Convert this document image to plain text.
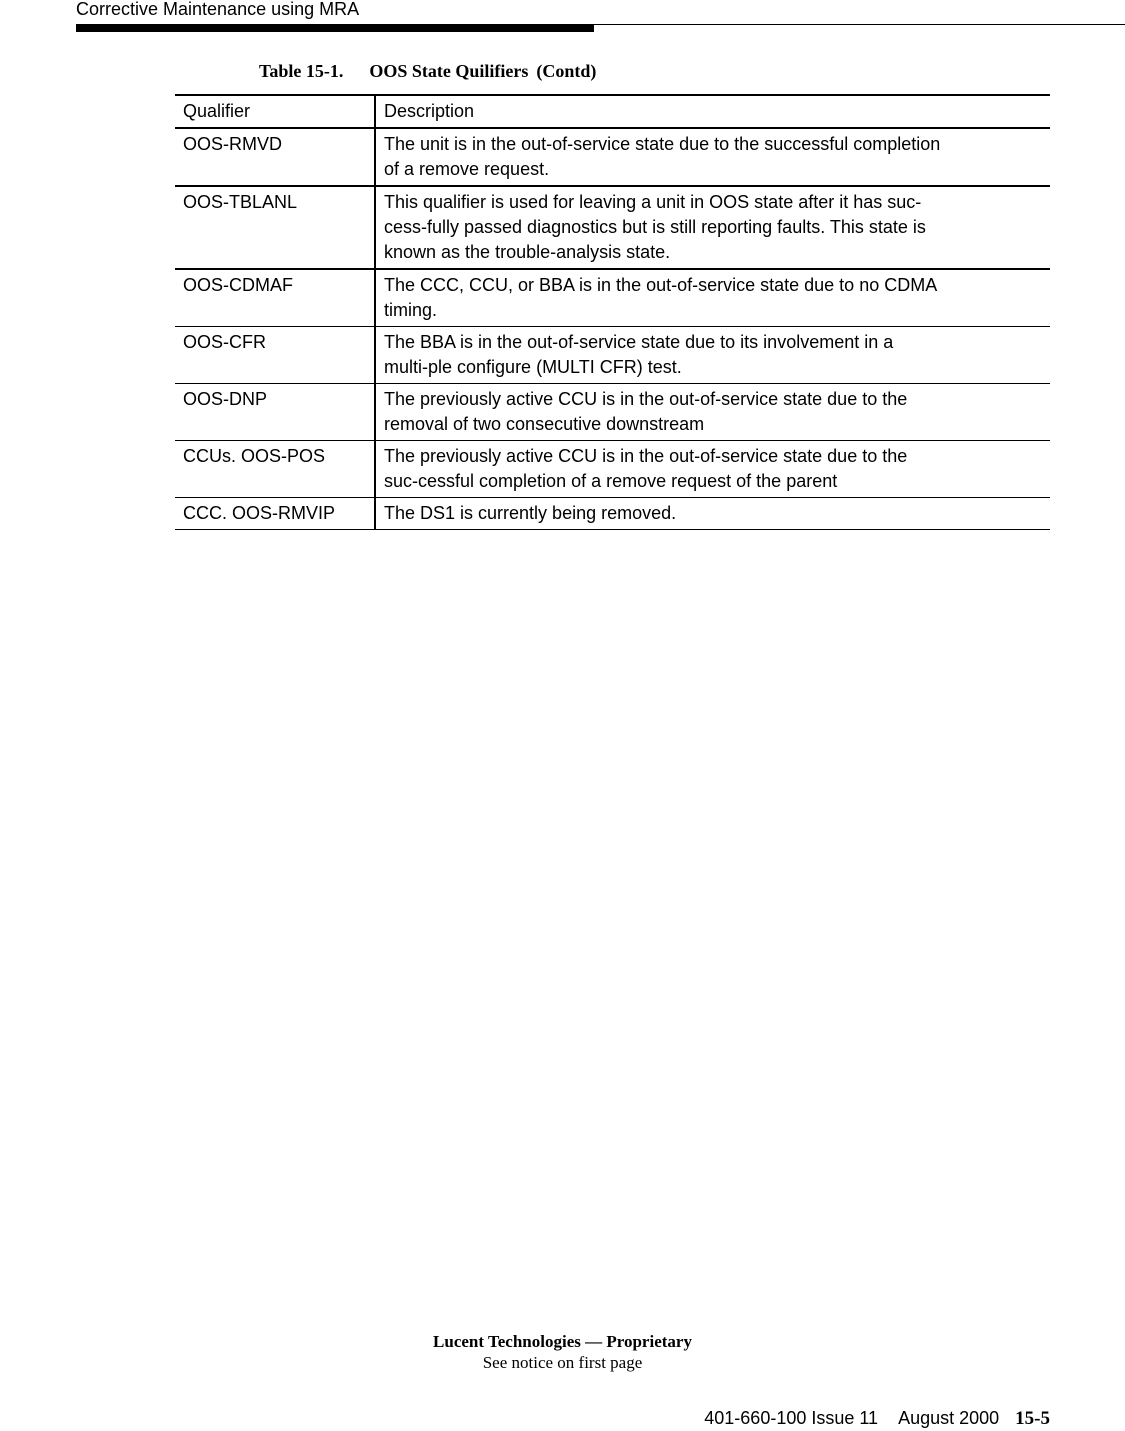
Corrective Maintenance using MRA
Table 15-1. OOS State Quilifiers (Contd)
Qualifier	Description
OOS-RMVD	The unit is in the out-of-service state due to the successful completion
of a remove request.
OOS-TBLANL	This qualifier is used for leaving a unit in OOS state after it has suc-
cess-fully passed diagnostics but is still reporting faults. This state is
known as the trouble-analysis state.
OOS-CDMAF	The CCC, CCU, or BBA is in the out-of-service state due to no CDMA
timing.
OOS-CFR	The BBA is in the out-of-service state due to its involvement in a
multi-ple configure (MULTI CFR) test.
OOS-DNP	The previously active CCU is in the out-of-service state due to the
removal of two consecutive downstream
CCUs. OOS-POS	The previously active CCU is in the out-of-service state due to the
suc-cessful completion of a remove request of the parent
CCC. OOS-RMVIP	The DS1 is currently being removed.
Lucent Technologies — Proprietary
See notice on first page
401-660-100 Issue 11 August 2000 15-5
